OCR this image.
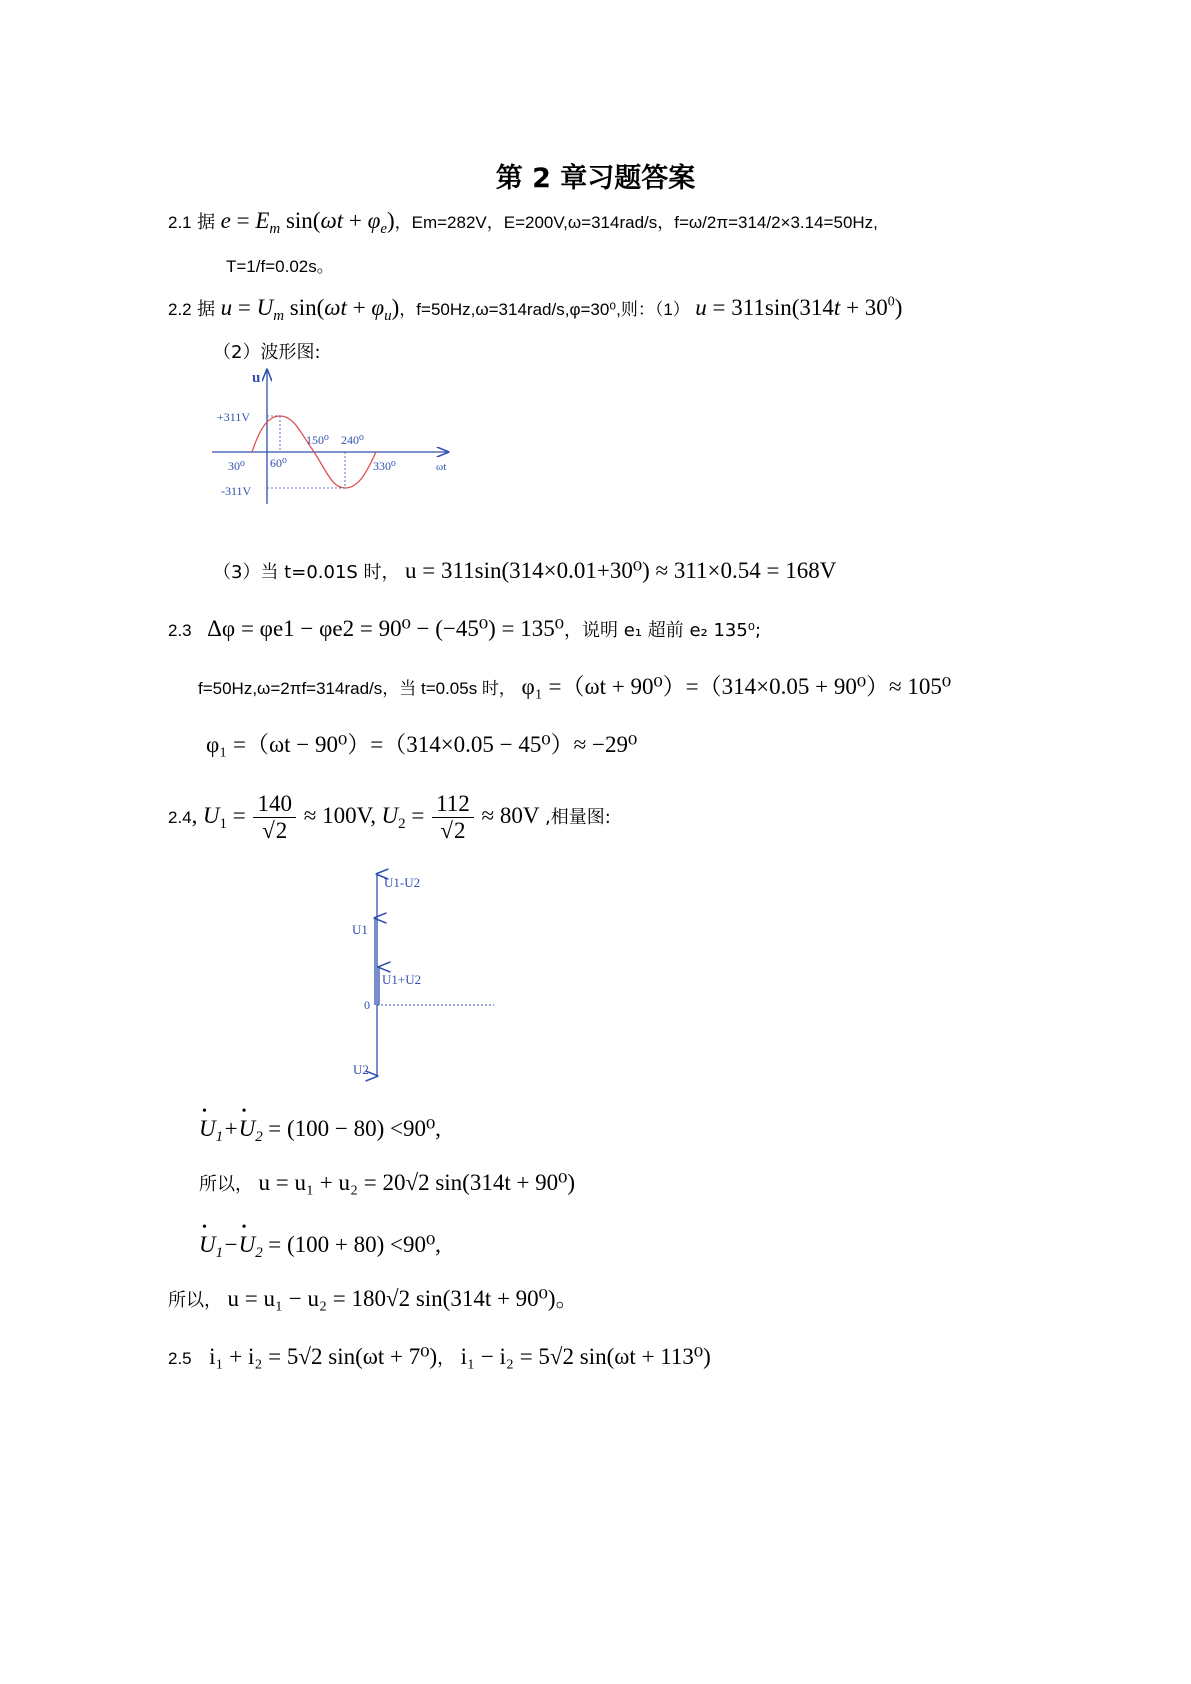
第 2 章习题答案
2.1 据 $e = E_m$ $\sin(\omega t + \varphi_e)$，Em=282V，E=200V,ω=314rad/s，f=ω/2π=314/2×3.14=50Hz,
T=1/f=0.02s。
2.2 据 $u = U_m$ $\sin(\omega t + \varphi_u)$，f=50Hz,ω=314rad/s,φ=30⁰,则：（1） $u = 311\sin(314t + 30^0)$
（2）波形图:
u
+311V
-311V
30⁰ 60⁰
150⁰ 240⁰
330⁰	ωt
（3）当 t=0.01S 时， u = 311sin(314×0.01+30⁰) ≈ 311×0.54 = 168V
2.3 Δφ = φe1 − φe2 = 90⁰ − (−45⁰) = 135⁰，说明 e₁ 超前 e₂ 135⁰;
f=50Hz,ω=2πf=314rad/s，当 t=0.05s 时， φ₁ =（ωt + 90⁰）=（314×0.05 + 90⁰）≈ 105⁰
φ₁ =（ωt − 90⁰）=（314×0.05 − 45⁰）≈ −29⁰
2.4, $U_1 = \frac{140}{√2} \approx 100V$, $U_2 = \frac{112}{√2} \approx 80V$ ,相量图:
U1-U2
U1
U1+U2
0
U2
• $U_1+•$ $U_2 = (100 - 80) <90^0$,
所以， u = u₁ + u₂ = 20√2 sin(314t + 90⁰)
• $U_1-•$ $U_2 = (100 + 80) <90^0$,
所以， u = u₁ − u₂ = 180√2 sin(314t + 90⁰)。
2.5 i₁ + i₂ = 5√2 sin(ωt + 7⁰)， i₁ − i₂ = 5√2 sin(ωt + 113⁰)
